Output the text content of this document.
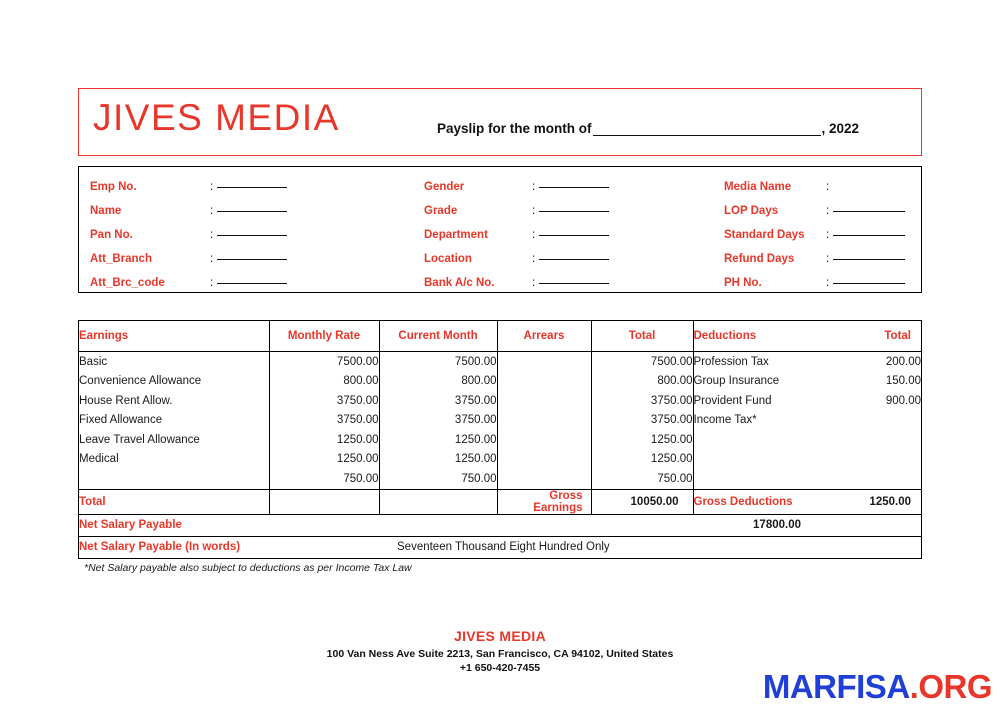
JIVES MEDIA	Payslip for the month of	, 2022
Emp No.	:
Name	:
Pan No.	:
Att_Branch	:
Att_Brc_code	:
Gender	:
Grade	:
Department	:
Location	:
Bank A/c No.	:
Media Name	:
LOP Days	:
Standard Days :
Refund Days	:
PH No.	:
Earnings	Monthly Rate	Current Month	Arrears	Total	Deductions	Total
Basic	7500.00	7500.00		7500.00	Profession Tax	200.00
Convenience Allowance	800.00	800.00		800.00	Group Insurance	150.00
House Rent Allow.	3750.00	3750.00		3750.00	Provident Fund	900.00
Fixed Allowance	3750.00	3750.00		3750.00	Income Tax*	
Leave Travel Allowance	1250.00	1250.00		1250.00		
Medical	1250.00	1250.00		1250.00		
	750.00	750.00		750.00		
Total			Gross Earnings	10050.00	Gross Deductions	1250.00
Net Salary Payable				17800.00		
Net Salary Payable (In words)		Seventeen Thousand Eight Hundred Only				
*Net Salary payable also subject to deductions as per Income Tax Law
JIVES MEDIA
100 Van Ness Ave Suite 2213, San Francisco, CA 94102, United States
+1 650-420-7455	MARFISA.ORG
